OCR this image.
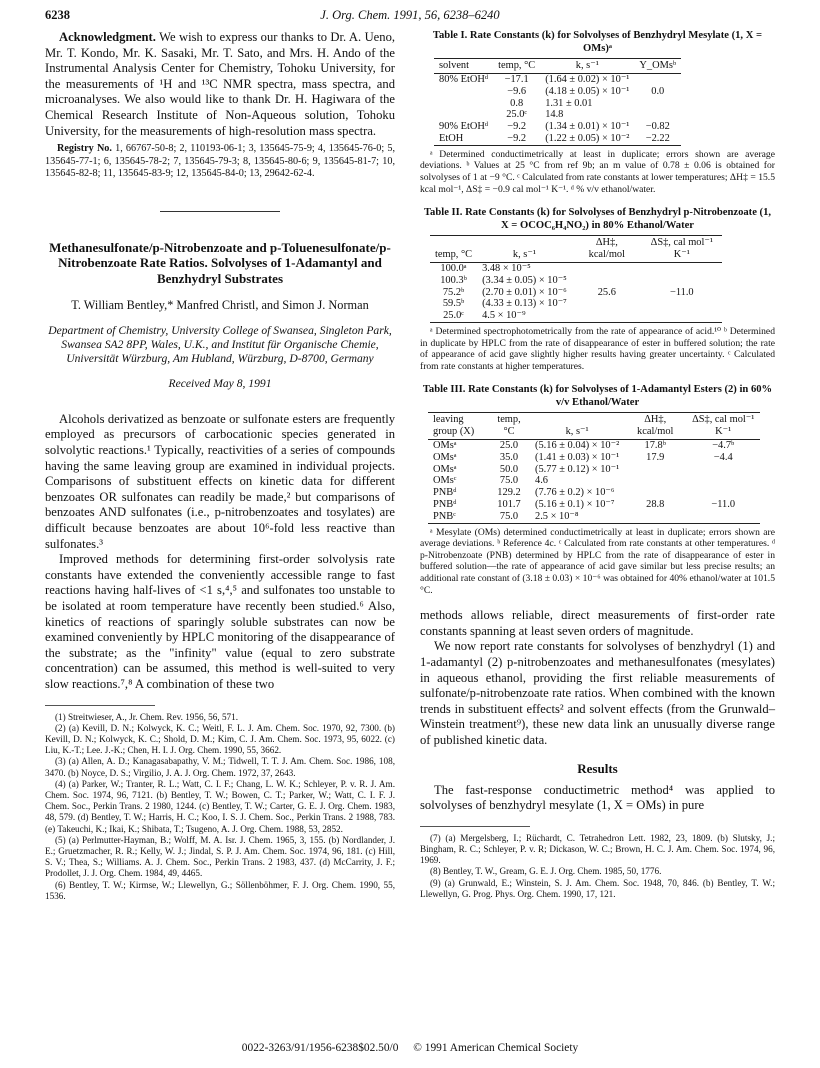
6238	J. Org. Chem. 1991, 56, 6238–6240

Acknowledgment. We wish to express our thanks to Dr. A. Ueno, Mr. T. Kondo, Mr. K. Sasaki, Mr. T. Sato, and Mrs. H. Ando of the Instrumental Analysis Center for Chemistry, Tohoku University, for the measurements of ¹H and ¹³C NMR spectra, mass spectra, and microanalyses. We also would like to thank Dr. H. Hagiwara of the Chemical Research Institute of Non-Aqueous solution, Tohoku University, for the measurements of high-resolution mass spectra.

Registry No. 1, 66767-50-8; 2, 110193-06-1; 3, 135645-75-9; 4, 135645-76-0; 5, 135645-77-1; 6, 135645-78-2; 7, 135645-79-3; 8, 135645-80-6; 9, 135645-81-7; 10, 135645-82-8; 11, 135645-83-9; 12, 135645-84-0; 13, 29642-62-4.

Methanesulfonate/p-Nitrobenzoate and p-Toluenesulfonate/p-Nitrobenzoate Rate Ratios. Solvolyses of 1-Adamantyl and Benzhydryl Substrates
T. William Bentley,* Manfred Christl, and Simon J. Norman
Department of Chemistry, University College of Swansea, Singleton Park, Swansea SA2 8PP, Wales, U.K., and Institut für Organische Chemie, Universität Würzburg, Am Hubland, Würzburg, D-8700, Germany
Received May 8, 1991

Alcohols derivatized as benzoate or sulfonate esters are frequently employed as precursors of carbocationic species generated in solvolytic reactions.¹ Typically, reactivities of a series of compounds having the same leaving group are examined in individual projects. Comparisons of substituent effects on kinetic data for different benzoates OR sulfonates can readily be made,² but comparisons of benzoates AND sulfonates (i.e., p-nitrobenzoates and tosylates) are difficult because benzoates are about 10⁶-fold less reactive than sulfonates.³

Improved methods for determining first-order solvolysis rate constants have extended the conveniently accessible range to fast reactions having half-lives of <1 s,⁴,⁵ and sulfonates too unstable to be isolated at room temperature have recently been studied.⁶ Also, kinetics of reactions of sparingly soluble substrates can now be examined conveniently by HPLC monitoring of the disappearance of the substrate; as the "infinity" value (equal to zero substrate concentration) can be assumed, this method is well-suited to very slow reactions.⁷,⁸ A combination of these two

(1) Streitwieser, A., Jr. Chem. Rev. 1956, 56, 571.

(2) (a) Kevill, D. N.; Kolwyck, K. C.; Weitl, F. L. J. Am. Chem. Soc. 1970, 92, 7300. (b) Kevill, D. N.; Kolwyck, K. C.; Shold, D. M.; Kim, C. J. Am. Chem. Soc. 1973, 95, 6022. (c) Liu, K.-T.; Lee. J.-K.; Chen, H. I. J. Org. Chem. 1990, 55, 3662.

(3) (a) Allen, A. D.; Kanagasabapathy, V. M.; Tidwell, T. T. J. Am. Chem. Soc. 1986, 108, 3470. (b) Noyce, D. S.; Virgilio, J. A. J. Org. Chem. 1972, 37, 2643.

(4) (a) Parker, W.; Tranter, R. L.; Watt, C. I. F.; Chang, L. W. K.; Schleyer, P. v. R. J. Am. Chem. Soc. 1974, 96, 7121. (b) Bentley, T. W.; Bowen, C. T.; Parker, W.; Watt, C. I. F. J. Chem. Soc., Perkin Trans. 2 1980, 1244. (c) Bentley, T. W.; Carter, G. E. J. Org. Chem. 1983, 48, 579. (d) Bentley, T. W.; Harris, H. C.; Koo, I. S. J. Chem. Soc., Perkin Trans. 2 1988, 783. (e) Takeuchi, K.; Ikai, K.; Shibata, T.; Tsugeno, A. J. Org. Chem. 1988, 53, 2852.

(5) (a) Perlmutter-Hayman, B.; Wolff, M. A. Isr. J. Chem. 1965, 3, 155. (b) Nordlander, J. E.; Gruetzmacher, R. R.; Kelly, W. J.; Jindal, S. P. J. Am. Chem. Soc. 1974, 96, 181. (c) Hill, S. V.; Thea, S.; Williams. A. J. Chem. Soc., Perkin Trans. 2 1983, 437. (d) McCarrity, J. F.; Prodollet, J. J. Org. Chem. 1984, 49, 4465.

(6) Bentley, T. W.; Kirmse, W.; Llewellyn, G.; Söllenböhmer, F. J. Org. Chem. 1990, 55, 1536.

Table I. Rate Constants (k) for Solvolyses of Benzhydryl Mesylate (1, X = OMs)ᵃ
solvent	temp, °C	k, s⁻¹	Y_OMsᵇ
80% EtOHᵈ	−17.1	(1.64 ± 0.02) × 10⁻¹	
	−9.6	(4.18 ± 0.05) × 10⁻¹	0.0
	0.8	1.31 ± 0.01	
	25.0ᶜ	14.8	
90% EtOHᵈ	−9.2	(1.34 ± 0.01) × 10⁻¹	−0.82
EtOH	−9.2	(1.22 ± 0.05) × 10⁻²	−2.22

ᵃ Determined conductimetrically at least in duplicate; errors shown are average deviations. ᵇ Values at 25 °C from ref 9b; an m value of 0.78 ± 0.06 is obtained for solvolyses of 1 at −9 °C. ᶜ Calculated from rate constants at lower temperatures; ΔH‡ = 15.5 kcal mol⁻¹, ΔS‡ = −0.9 cal mol⁻¹ K⁻¹. ᵈ % v/v ethanol/water.

Table II. Rate Constants (k) for Solvolyses of Benzhydryl p-Nitrobenzoate (1, X = OCOC₆H₄NO₂) in 80% Ethanol/Water
temp, °C	k, s⁻¹	ΔH‡, kcal/mol	ΔS‡, cal mol⁻¹ K⁻¹
100.0ᵃ	3.48 × 10⁻⁵		
100.3ᵇ	(3.34 ± 0.05) × 10⁻⁵		
75.2ᵇ	(2.70 ± 0.01) × 10⁻⁶	25.6	−11.0
59.5ᵇ	(4.33 ± 0.13) × 10⁻⁷		
25.0ᶜ	4.5 × 10⁻⁹		

ᵃ Determined spectrophotometrically from the rate of appearance of acid.¹⁰ ᵇ Determined in duplicate by HPLC from the rate of disappearance of ester in buffered solution; the rate of appearance of acid gave slightly higher results having greater uncertainty. ᶜ Calculated from rate constants at higher temperatures.

Table III. Rate Constants (k) for Solvolyses of 1-Adamantyl Esters (2) in 60% v/v Ethanol/Water
leaving group (X)	temp, °C	k, s⁻¹	ΔH‡, kcal/mol	ΔS‡, cal mol⁻¹ K⁻¹
OMsᵃ	25.0	(5.16 ± 0.04) × 10⁻²	17.8ᵇ	−4.7ᵇ
OMsᵃ	35.0	(1.41 ± 0.03) × 10⁻¹	17.9	−4.4
OMsᵃ	50.0	(5.77 ± 0.12) × 10⁻¹		
OMsᶜ	75.0	4.6		
PNBᵈ	129.2	(7.76 ± 0.2) × 10⁻⁶		
PNBᵈ	101.7	(5.16 ± 0.1) × 10⁻⁷	28.8	−11.0
PNBᶜ	75.0	2.5 × 10⁻⁸		

ᵃ Mesylate (OMs) determined conductimetrically at least in duplicate; errors shown are average deviations. ᵇ Reference 4c. ᶜ Calculated from rate constants at other temperatures. ᵈ p-Nitrobenzoate (PNB) determined by HPLC from the rate of disappearance of ester in buffered solution—the rate of appearance of acid gave similar but less precise results; an additional rate constant of (3.18 ± 0.03) × 10⁻⁶ was obtained for 40% ethanol/water at 101.5 °C.

methods allows reliable, direct measurements of first-order rate constants spanning at least seven orders of magnitude.

We now report rate constants for solvolyses of benzhydryl (1) and 1-adamantyl (2) p-nitrobenzoates and methanesulfonates (mesylates) in aqueous ethanol, providing the first reliable measurements of sulfonate/p-nitrobenzoate rate ratios. When combined with the known trends in substituent effects² and solvent effects (from the Grunwald–Winstein treatment⁹), these new data link an unusually diverse range of published kinetic data.

Results

The fast-response conductimetric method⁴ was applied to solvolyses of benzhydryl mesylate (1, X = OMs) in pure

(7) (a) Mergelsberg, I.; Rüchardt, C. Tetrahedron Lett. 1982, 23, 1809. (b) Slutsky, J.; Bingham, R. C.; Schleyer, P. v. R; Dickason, W. C.; Brown, H. C. J. Am. Chem. Soc. 1974, 96, 1969.

(8) Bentley, T. W., Gream, G. E. J. Org. Chem. 1985, 50, 1776.

(9) (a) Grunwald, E.; Winstein, S. J. Am. Chem. Soc. 1948, 70, 846. (b) Bentley, T. W.; Llewellyn, G. Prog. Phys. Org. Chem. 1990, 17, 121.

0022-3263/91/1956-6238$02.50/0 © 1991 American Chemical Society
